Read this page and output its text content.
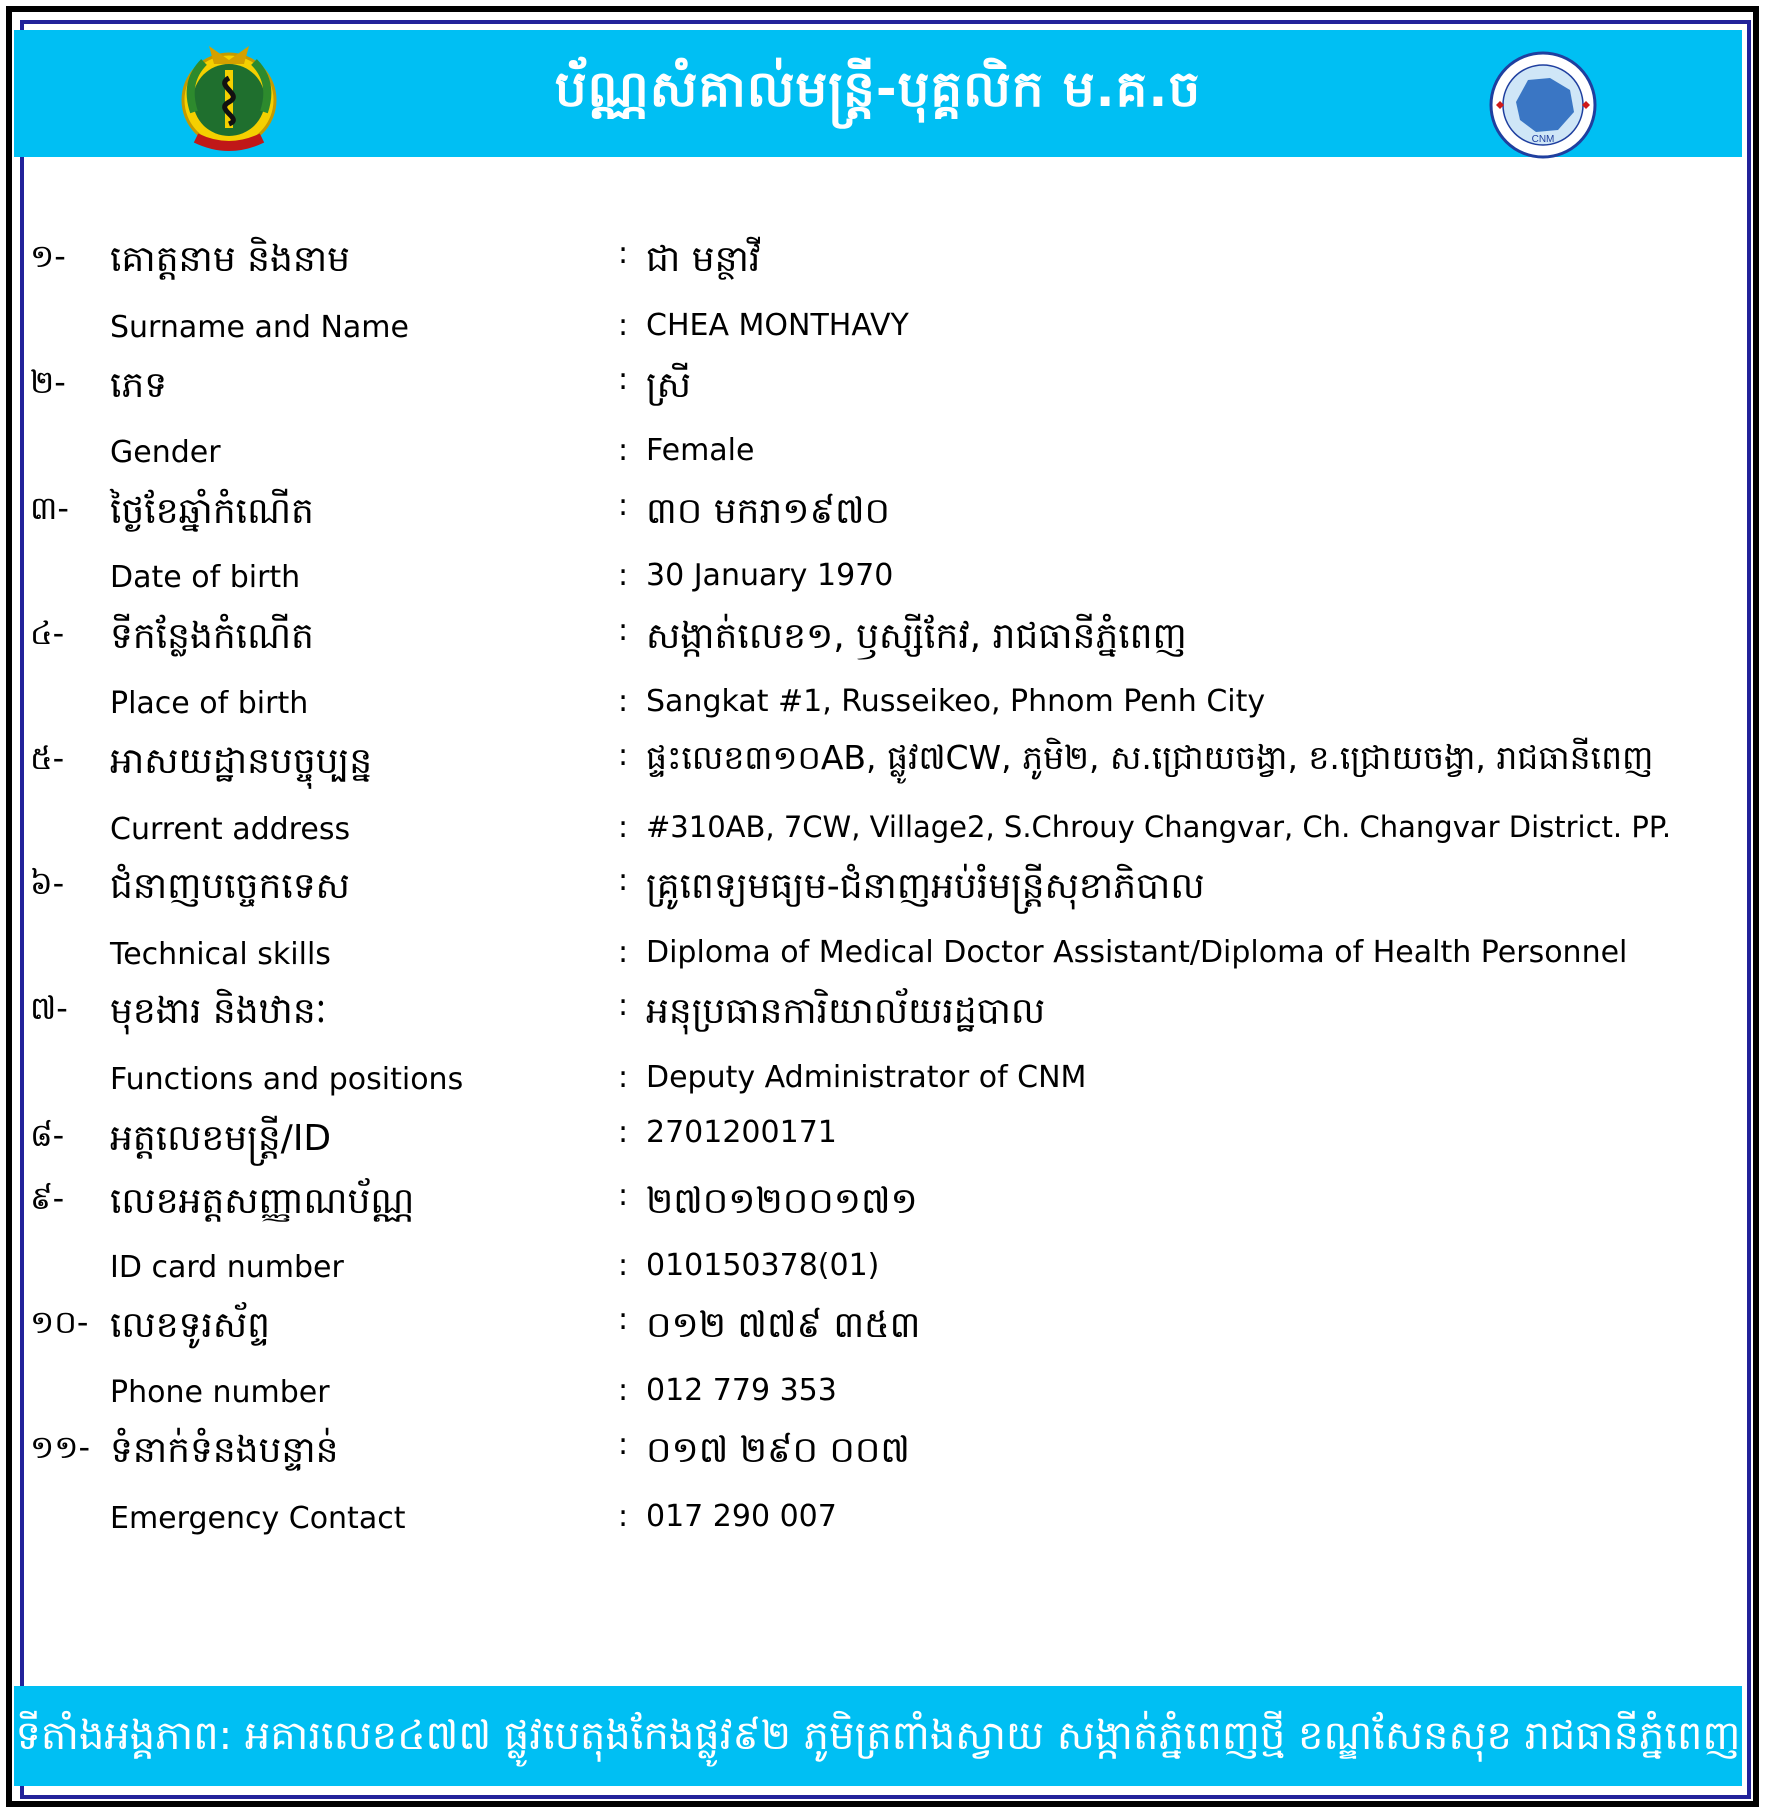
ប័ណ្ណសំគាល់មន្ត្រី-បុគ្គលិក ម.គ.ច
CNM
១- គោត្តនាម និងនាម	: ជា មន្ថាវី
Surname and Name	: CHEA MONTHAVY
២- ភេទ	: ស្រី
Gender	: Female
៣- ថ្ងៃខែឆ្នាំកំណើត	: ៣០ មករា១៩៧០
Date of birth	: 30 January 1970
៤- ទីកន្លែងកំណើត	: សង្កាត់លេខ១, ឫស្សីកែវ, រាជធានីភ្នំពេញ
Place of birth	: Sangkat #1, Russeikeo, Phnom Penh City
៥- អាសយដ្ឋានបច្ចុប្បន្ន	: ផ្ទះលេខ៣១០AB, ផ្លូវ៧CW, ភូមិ២, ស.ជ្រោយចង្វា, ខ.ជ្រោយចង្វា, រាជធានីពេញ
Current address	: #310AB, 7CW, Village2, S.Chrouy Changvar, Ch. Changvar District. PP.
៦- ជំនាញបច្ចេកទេស	: គ្រូពេទ្យមធ្យម-ជំនាញអប់រំមន្ត្រីសុខាភិបាល
Technical skills	: Diploma of Medical Doctor Assistant/Diploma of Health Personnel
៧- មុខងារ និងឋានៈ	: អនុប្រធានការិយាល័យរដ្ឋបាល
Functions and positions	: Deputy Administrator of CNM
៨- អត្តលេខមន្ត្រី/ID	: 2701200171
៩- លេខអត្តសញ្ញាណប័ណ្ណ	: ២៧០១២០០១៧១
ID card number	: 010150378(01)
១០- លេខទូរស័ព្ទ	: ០១២ ៧៧៩ ៣៥៣
Phone number	: 012 779 353
១១- ទំនាក់ទំនងបន្ទាន់	: ០១៧ ២៩០ ០០៧
Emergency Contact	: 017 290 007
ទីតាំងអង្គភាព: អគារលេខ៤៧៧ ផ្លូវបេតុងកែងផ្លូវ៩២ ភូមិត្រពាំងស្វាយ សង្កាត់ភ្នំពេញថ្មី ខណ្ឌសែនសុខ រាជធានីភ្នំពេញ
